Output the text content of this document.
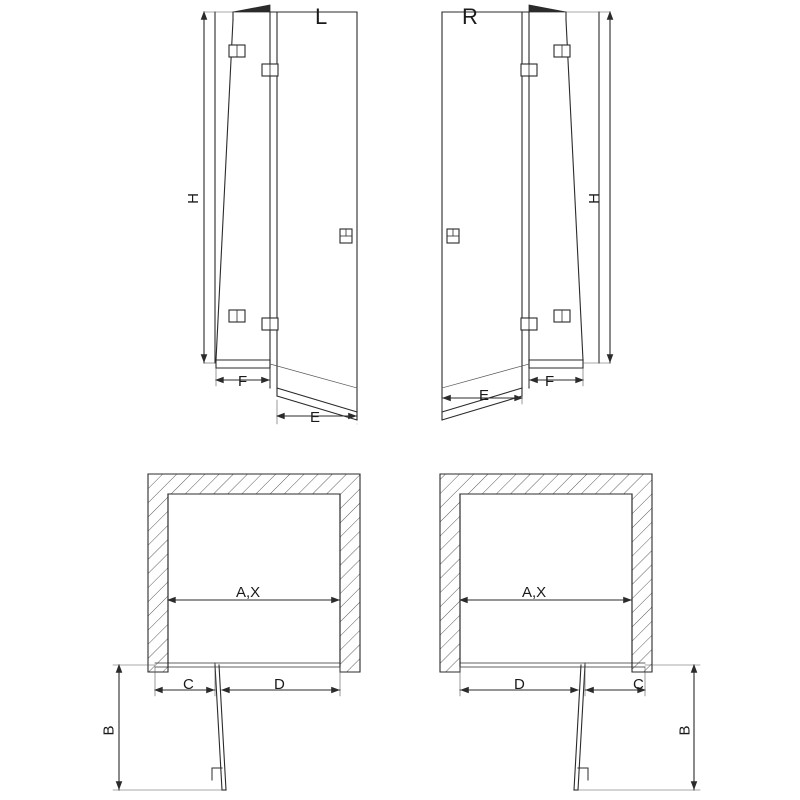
L	R
H	H
F
E
E
F
A,X
C	D
B
A,X
D	C
B
